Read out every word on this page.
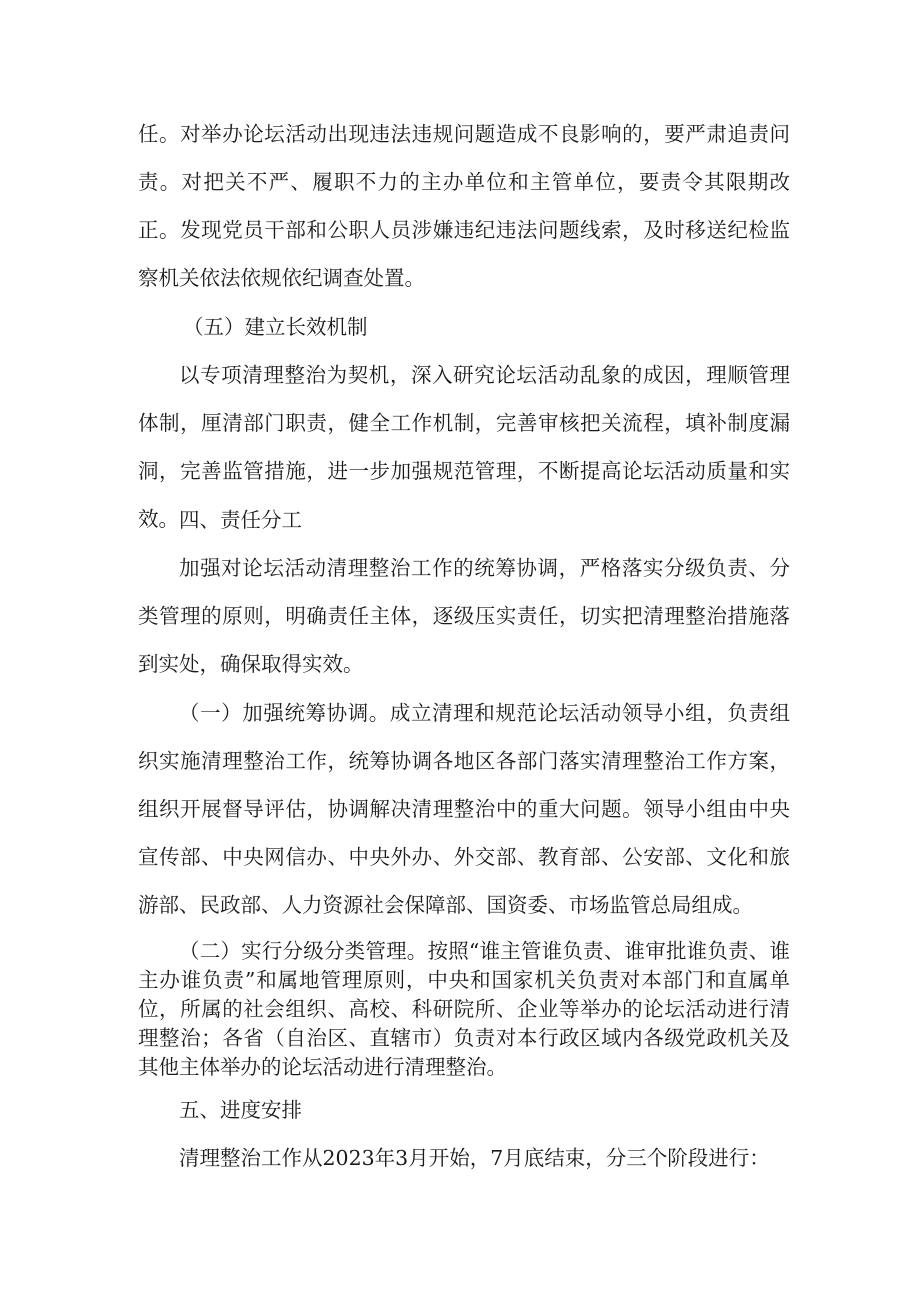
任。对举办论坛活动出现违法违规问题造成不良影响的，要严肃追责问责。对把关不严、履职不力的主办单位和主管单位，要责令其限期改正。发现党员干部和公职人员涉嫌违纪违法问题线索，及时移送纪检监察机关依法依规依纪调查处置。

（五）建立长效机制

以专项清理整治为契机，深入研究论坛活动乱象的成因，理顺管理体制，厘清部门职责，健全工作机制，完善审核把关流程，填补制度漏洞，完善监管措施，进一步加强规范管理，不断提高论坛活动质量和实效。 四、责任分工

加强对论坛活动清理整治工作的统筹协调，严格落实分级负责、分类管理的原则，明确责任主体，逐级压实责任，切实把清理整治措施落到实处，确保取得实效。

（一）加强统筹协调。成立清理和规范论坛活动领导小组，负责组织实施清理整治工作，统筹协调各地区各部门落实清理整治工作方案，组织开展督导评估，协调解决清理整治中的重大问题。领导小组由中央宣传部、中央网信办、中央外办、外交部、教育部、公安部、文化和旅游部、民政部、人力资源社会保障部、国资委、市场监管总局组成。

（二）实行分级分类管理。按照“谁主管谁负责、谁审批谁负责、谁主办谁负责”和属地管理原则，中央和国家机关负责对本部门和直属单位，所属的社会组织、高校、科研院所、企业等举办的论坛活动进行清理整治；各省（自治区、直辖市）负责对本行政区域内各级党政机关及其他主体举办的论坛活动进行清理整治。

五、进度安排

清理整治工作从2023年3月开始，7月底结束，分三个阶段进行：
